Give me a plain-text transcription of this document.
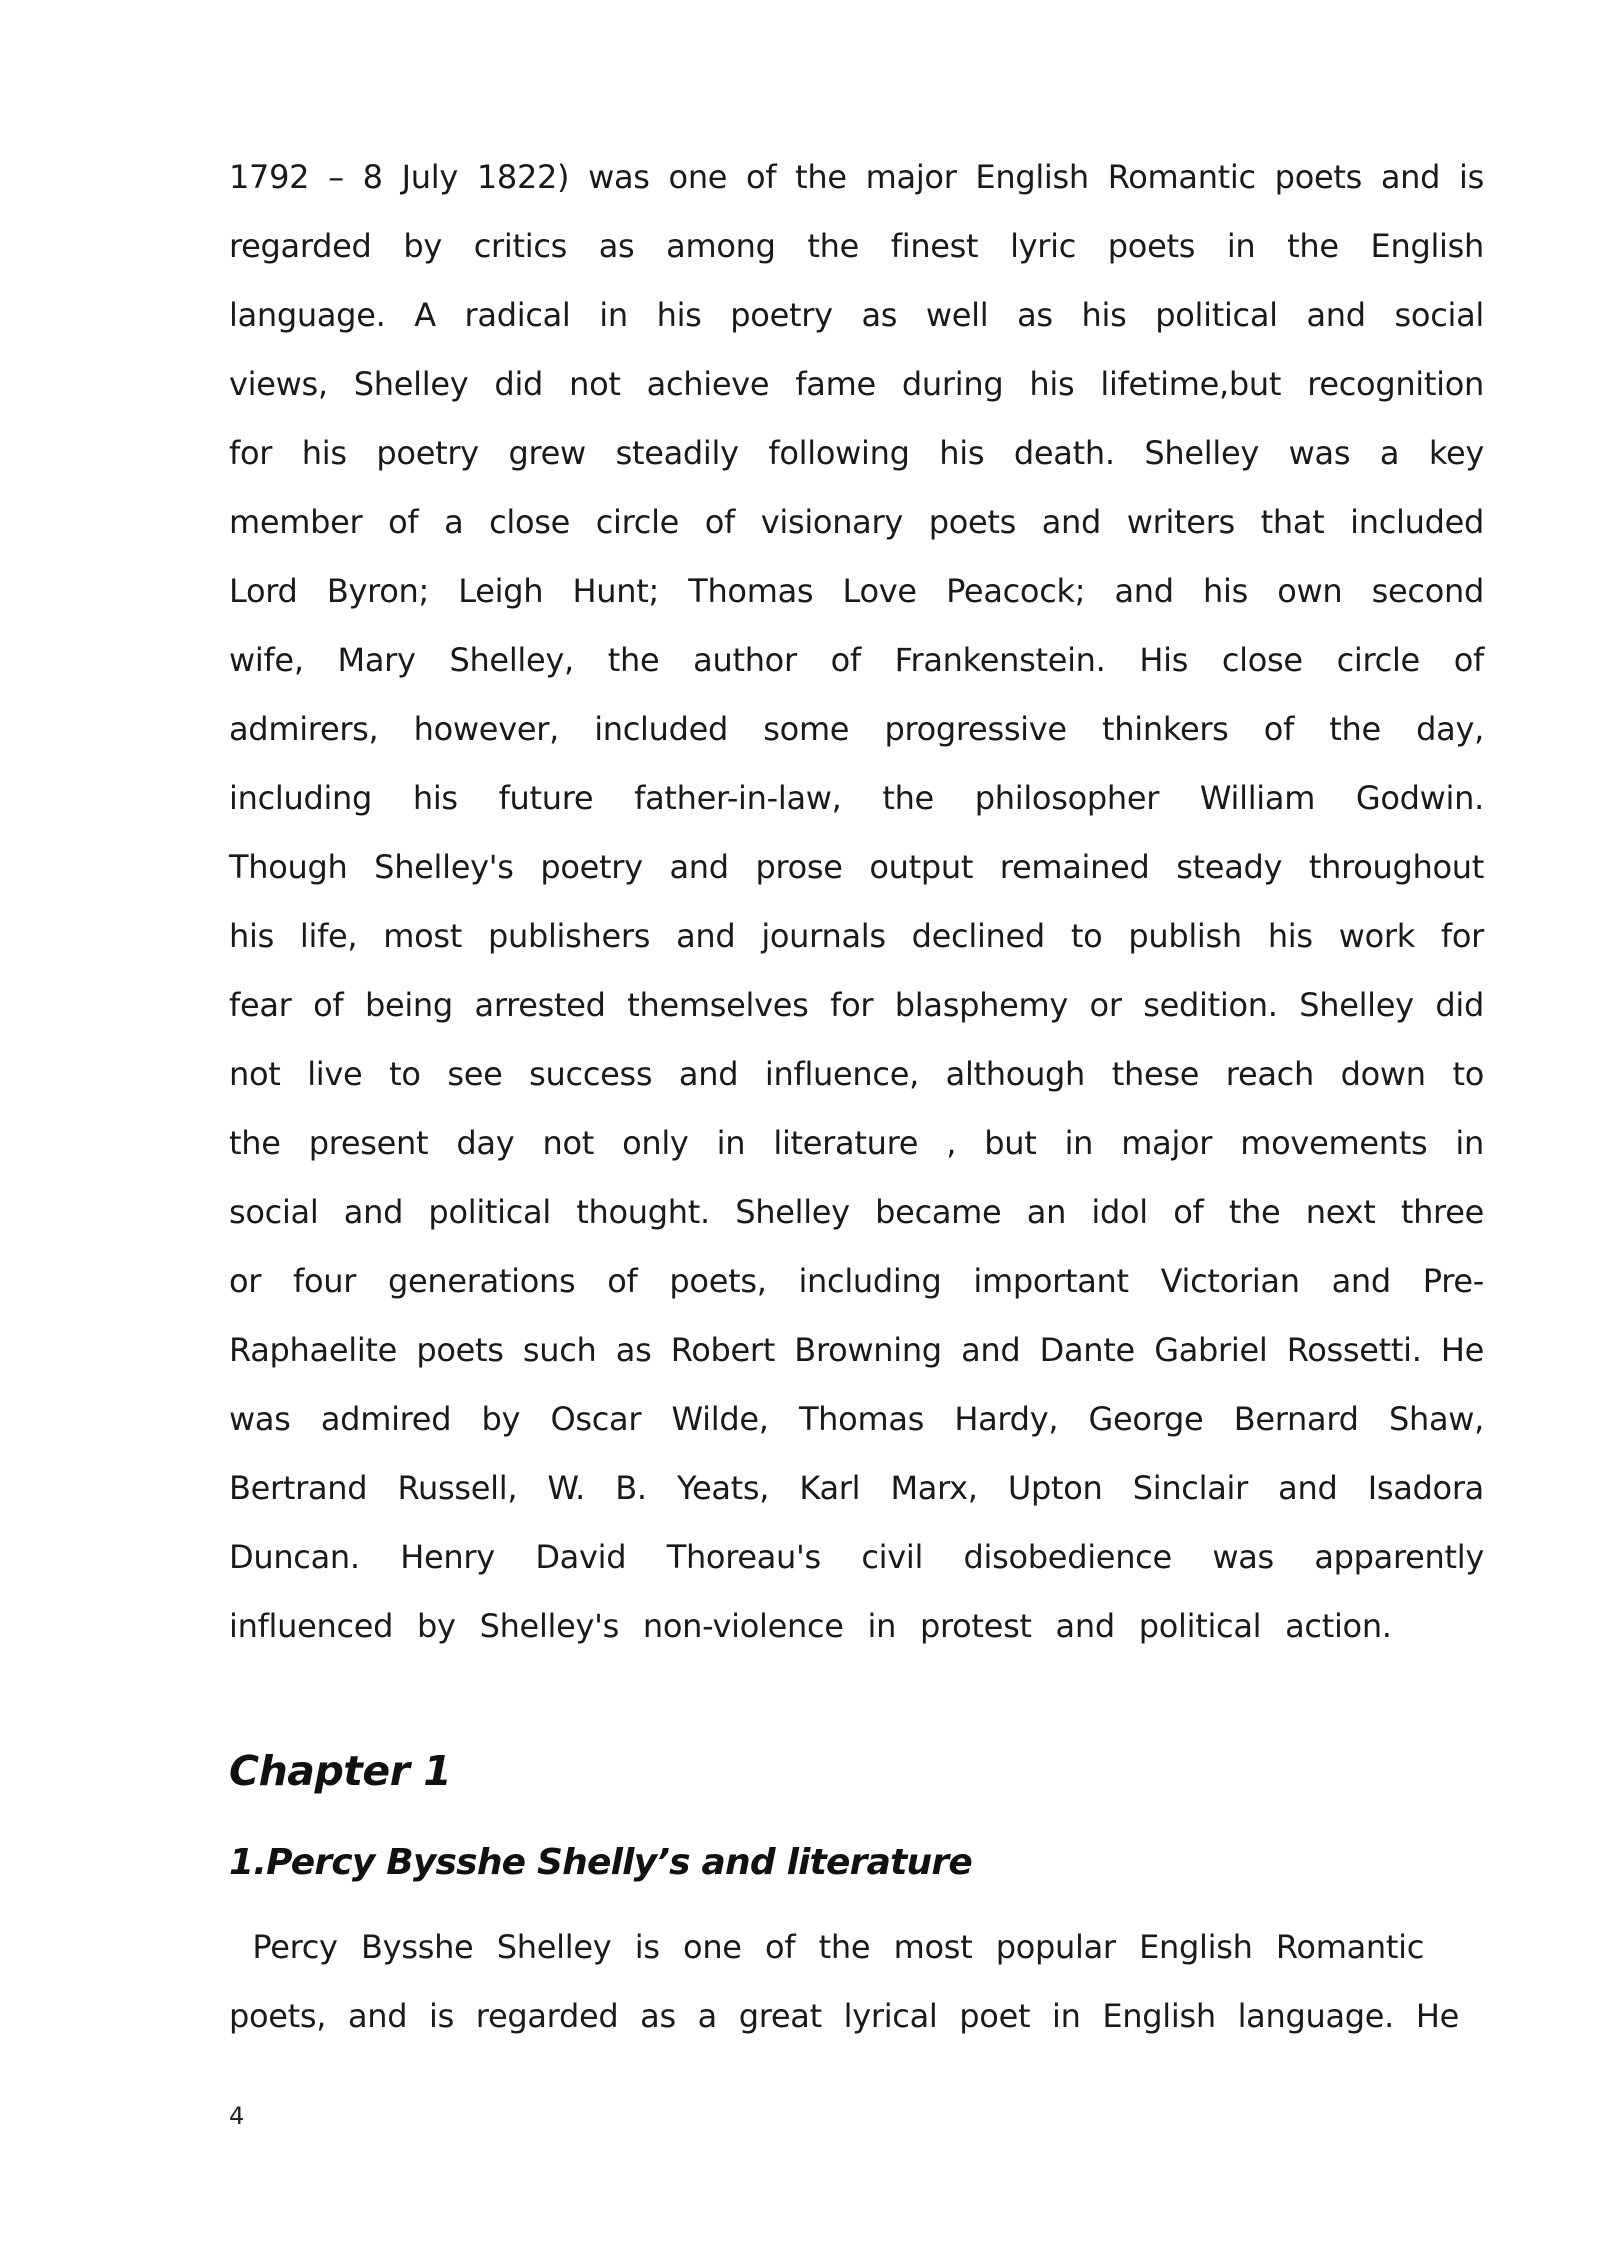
1792 – 8 July 1822) was one of the major English Romantic poets and is
regarded by critics as among the finest lyric poets in the English
language. A radical in his poetry as well as his political and social
views, Shelley did not achieve fame during his lifetime,but recognition
for his poetry grew steadily following his death. Shelley was a key
member of a close circle of visionary poets and writers that included
Lord Byron; Leigh Hunt; Thomas Love Peacock; and his own second
wife, Mary Shelley, the author of Frankenstein. His close circle of
admirers, however, included some progressive thinkers of the day,
including his future father-in-law, the philosopher William Godwin.
Though Shelley's poetry and prose output remained steady throughout
his life, most publishers and journals declined to publish his work for
fear of being arrested themselves for blasphemy or sedition. Shelley did
not live to see success and influence, although these reach down to
the present day not only in literature , but in major movements in
social and political thought. Shelley became an idol of the next three
or four generations of poets, including important Victorian and Pre-
Raphaelite poets such as Robert Browning and Dante Gabriel Rossetti. He
was admired by Oscar Wilde, Thomas Hardy, George Bernard Shaw,
Bertrand Russell, W. B. Yeats, Karl Marx, Upton Sinclair and Isadora
Duncan. Henry David Thoreau's civil disobedience was apparently
influenced by Shelley's non-violence in protest and political action.
Chapter 1
1.Percy Bysshe Shelly’s and literature
Percy Bysshe Shelley is one of the most popular English Romantic
poets, and is regarded as a great lyrical poet in English language. He
4
